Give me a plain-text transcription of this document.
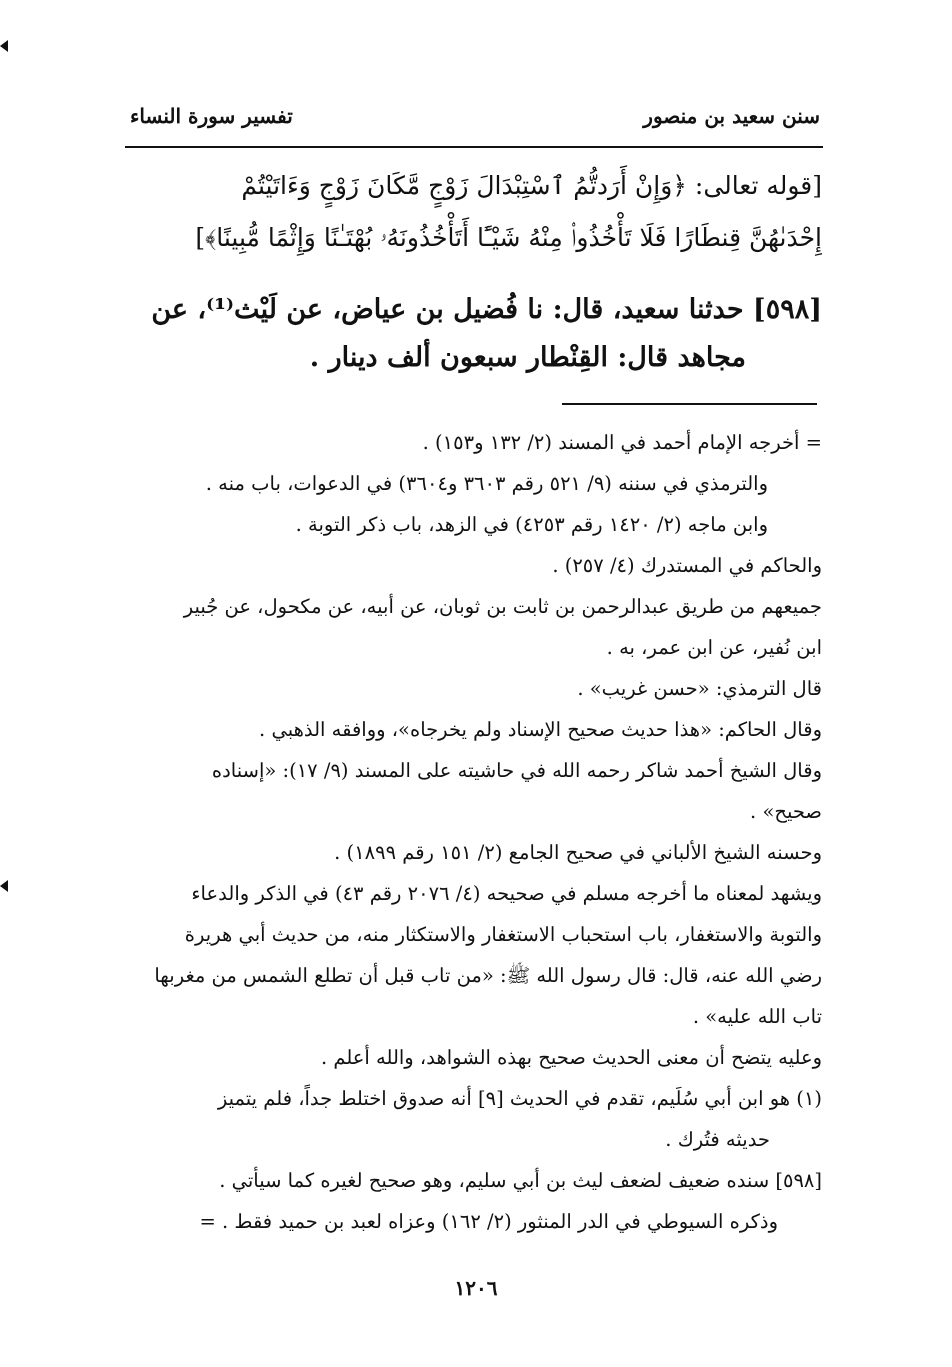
سنن سعيد بن منصور
تفسير سورة النساء
[قوله تعالى: ﴿وَإِنْ أَرَدتُّمُ ٱسْتِبْدَالَ زَوْجٍ مَّكَانَ زَوْجٍ وَءَاتَيْتُمْ
إِحْدَىٰهُنَّ قِنطَارًا فَلَا تَأْخُذُوا۟ مِنْهُ شَيْـًٔا أَتَأْخُذُونَهُۥ بُهْتَـٰنًا وَإِثْمًا مُّبِينًا﴾]
[٥٩٨] حدثنا سعيد، قال: نا فُضيل بن عياض، عن لَيْث⁽¹⁾، عن
مجاهد قال: القِنْطار سبعون ألف دينار .

= أخرجه الإمام أحمد في المسند (٢/ ١٣٢ و١٥٣) .

والترمذي في سننه (٩/ ٥٢١ رقم ٣٦٠٣ و٣٦٠٤) في الدعوات، باب منه .

وابن ماجه (٢/ ١٤٢٠ رقم ٤٢٥٣) في الزهد، باب ذكر التوبة .

والحاكم في المستدرك (٤/ ٢٥٧) .

جميعهم من طريق عبدالرحمن بن ثابت بن ثوبان، عن أبيه، عن مكحول، عن جُبير

ابن نُفير، عن ابن عمر، به .

قال الترمذي: «حسن غريب» .

وقال الحاكم: «هذا حديث صحيح الإسناد ولم يخرجاه»، ووافقه الذهبي .

وقال الشيخ أحمد شاكر رحمه الله في حاشيته على المسند (٩/ ١٧): «إسناده

صحيح» .

وحسنه الشيخ الألباني في صحيح الجامع (٢/ ١٥١ رقم ١٨٩٩) .

ويشهد لمعناه ما أخرجه مسلم في صحيحه (٤/ ٢٠٧٦ رقم ٤٣) في الذكر والدعاء

والتوبة والاستغفار، باب استحباب الاستغفار والاستكثار منه، من حديث أبي هريرة

رضي الله عنه، قال: قال رسول الله ﷺ: «من تاب قبل أن تطلع الشمس من مغربها

تاب الله عليه» .

وعليه يتضح أن معنى الحديث صحيح بهذه الشواهد، والله أعلم .

(١) هو ابن أبي سُلَيم، تقدم في الحديث [٩] أنه صدوق اختلط جداً، فلم يتميز

حديثه فتُرك .

[٥٩٨] سنده ضعيف لضعف ليث بن أبي سليم، وهو صحيح لغيره كما سيأتي .

وذكره السيوطي في الدر المنثور (٢/ ١٦٢) وعزاه لعبد بن حميد فقط . =

١٢٠٦
